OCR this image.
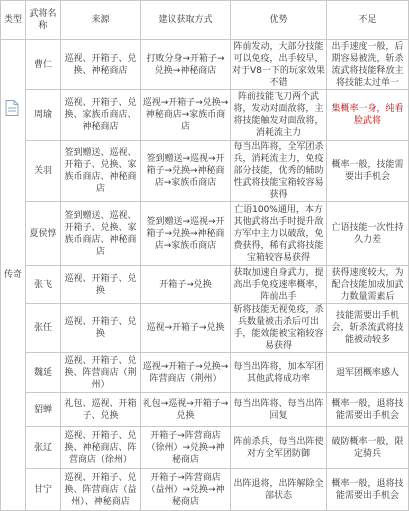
类型	武将名称	来源	建议获取方式	优势	不足

传奇	曹仁	巡视、开箱子、兑换、神秘商店	打败分身→开箱子→兑换→神秘商店	阵前发动，大部分技能可以免疫，出手较早，对于V8一下的玩家效果不错	出手速度一般，后期容易被洗，斩杀流武将技能释放主将技能太过单一
	周瑜	巡视、开箱子、兑换、家族币商店、神秘商店	巡视→开箱子→兑换→神秘商店→家族币商店	阵前技能飞刀两个武将，发动对面敌将，主将技能触发对面敌将，消耗流主力	集概率一身，纯看脸武将
	关羽	签到赠送、巡视、开箱子、兑换、家族币商店、神秘商店	签到赠送→巡视→开箱子→兑换→神秘商店→家族币商店	每当出阵将，全军团杀兵，消耗流主力，免疫部分技能，优秀的辅助性武将技能宝箱较容易获得	概率一般，技能需要出手机会
	夏侯惇	签到赠送、巡视、开箱子、兑换、家族币商店、神秘商店	签到赠送→巡视→开箱子→兑换→神秘商店→家族币商店	亡语100%通用，本方其他武将出手时提升敌方军中主力以破敌，免费获得，稀有武将技能宝箱较容易获得	亡语技能一次性持久力差
	张飞	巡视、开箱子、兑换	开箱子→兑换	获取加速自身武力，提高出手免疫速率概率，阵前出手	获得速度较大，为配合技能加成加武力数量需素后
	张任	巡视、开箱子、兑换	巡视→开箱子→兑换	斩将技能无视免疫，杀兵数量被击杀后可出手，能效能被宝箱较容易获得	技能需要出手机会，斩杀流武将技能被动较多
	魏延	巡视、开箱子、兑换、阵营商店（荆州）	巡视→开箱子→兑换→阵营商店（荆州）	每当出阵将，加本军团其他武将成功率	退军团概率感人
	貂蝉	礼包、巡视、开箱子、兑换	礼包→巡视→开箱子→兑换	每当出阵将、每当出阵回复	概率一般，退将技能需要出手机会
	张辽	巡视、开箱子、兑换、神秘商店、阵营商店（徐州）	开箱子→阵营商店（徐州）→兑换→神秘商店	阵前杀兵，每当出阵使对方全军团防御	破防概率一般，限定骑兵
	甘宁	巡视、开箱子、兑换、阵营商店（益州）、神秘商店	开箱子→阵营商店（益州）→兑换→神秘商店	出阵退将，出阵解除全部状态	概率一般，退将技能需要出手机会
